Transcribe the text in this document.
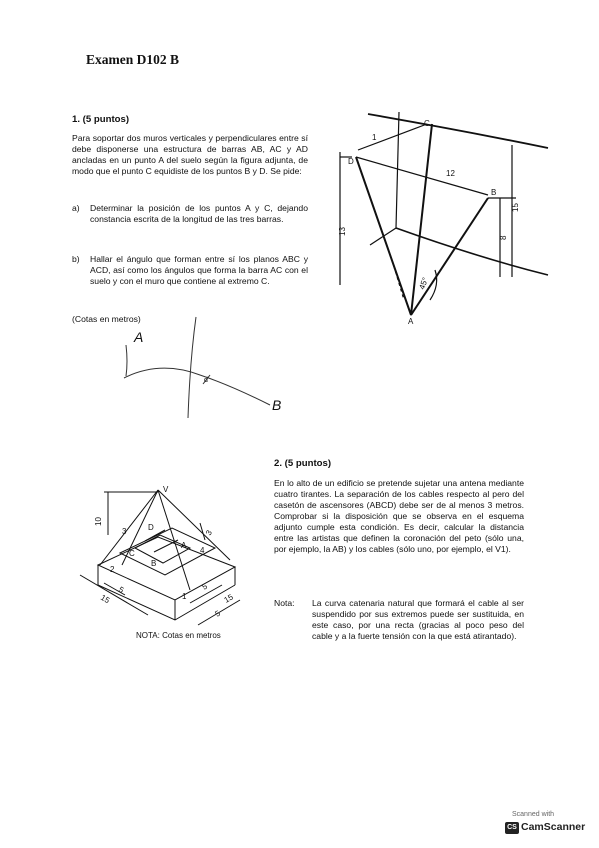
Examen D102 B
1. (5 puntos)
Para soportar dos muros verticales y perpendiculares entre sí debe disponerse una estructura de barras AB, AC y AD ancladas en un punto A del suelo según la figura adjunta, de modo que el punto C equidiste de los puntos B y D. Se pide:
a)	Determinar la posición de los puntos A y C, dejando constancia escrita de la longitud de las tres barras.
b)	Hallar el ángulo que forman entre sí los planos ABC y ACD, así como los ángulos que forma la barra AC con el suelo y con el muro que contiene al extremo C.
(Cotas en metros)
C
D
B
A
1
12
15
13
8
45°
A
B
d
2. (5 puntos)
En lo alto de un edificio se pretende sujetar una antena mediante cuatro tirantes. La separación de los cables respecto al pero del casetón de ascensores (ABCD) debe ser de al menos 3 metros. Comprobar si la disposición que se observa en el esquema adjunto cumple esta condición. Es decir, calcular la distancia entre las artistas que definen la coronación del peto (sólo una, por ejemplo, la AB) y los cables (sólo uno, por ejemplo, el V1).
Nota:	La curva catenaria natural que formará el cable al ser suspendido por sus extremos puede ser sustituida, en este caso, por una recta (gracias al poco peso del cable y a la fuerte tensión con la que está atirantado).
V
A
B
C
D
1
2
3
4
10
3
5	5
5
15	15
NOTA: Cotas en metros
Scanned with
CS CamScanner
